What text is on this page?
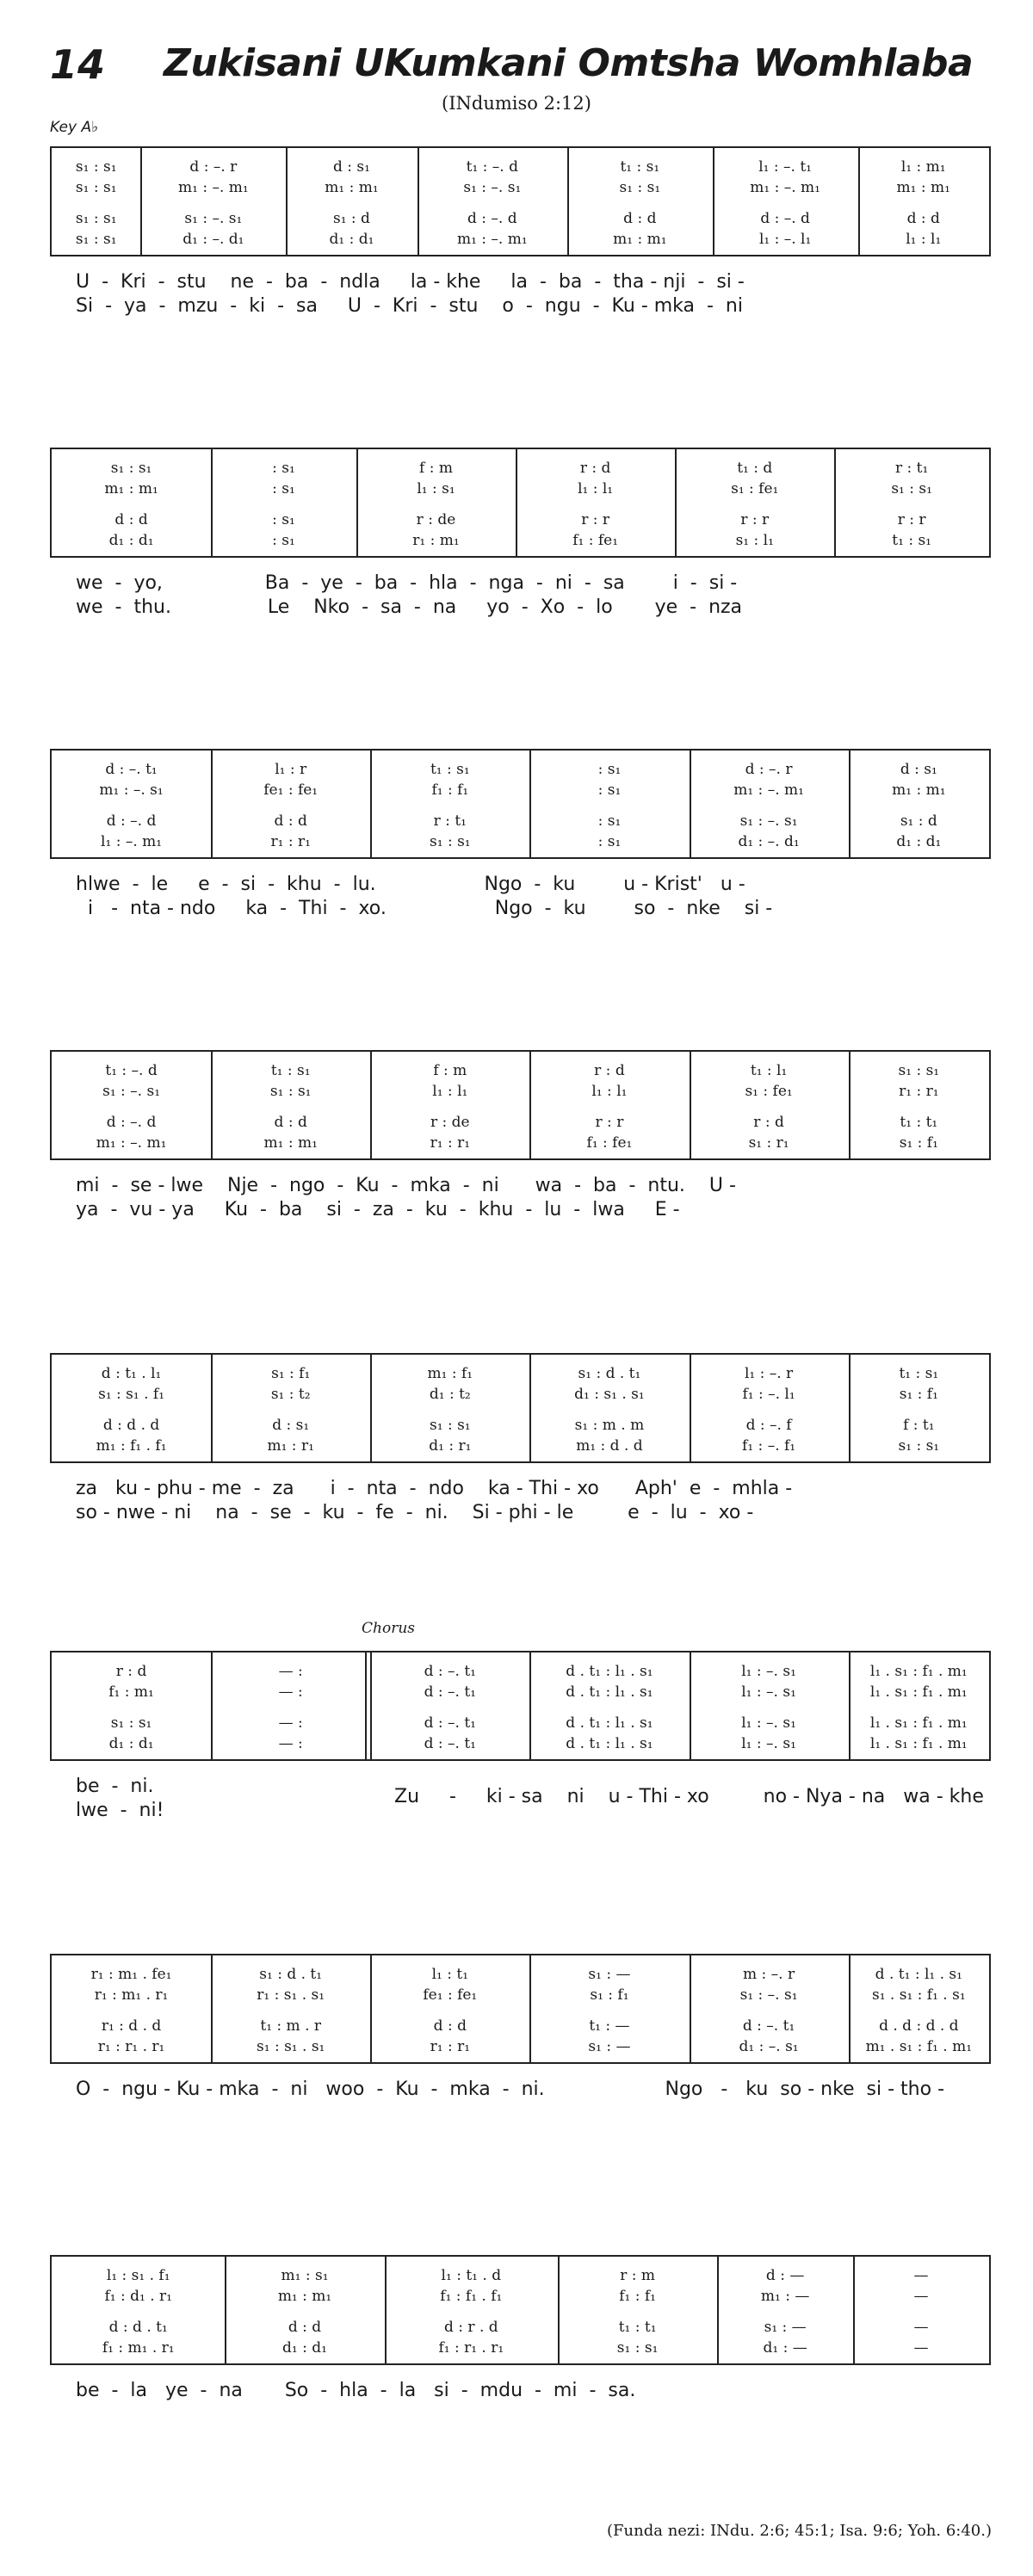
14 Zukisani UKumkani Omtsha Womhlaba
(INdumiso 2:12)
Key A♭
Chorus
s₁ : s₁
s₁ : s₁
s₁ : s₁
s₁ : s₁
d : –. r
m₁ : –. m₁
s₁ : –. s₁
d₁ : –. d₁
d : s₁
m₁ : m₁
s₁ : d
d₁ : d₁
t₁ : –. d
s₁ : –. s₁
d : –. d
m₁ : –. m₁
t₁ : s₁
s₁ : s₁
d : d
m₁ : m₁
l₁ : –. t₁
m₁ : –. m₁
d : –. d
l₁ : –. l₁
l₁ : m₁
m₁ : m₁
d : d
l₁ : l₁
U  -  Kri  -  stu    ne  -  ba  -  ndla     la - khe     la  -  ba  -  tha - nji  -  si -
Si  -  ya  -  mzu  -  ki  -  sa     U  -  Kri  -  stu    o  -  ngu  -  Ku - mka  -  ni
s₁ : s₁
m₁ : m₁
d : d
d₁ : d₁
: s₁
: s₁
: s₁
: s₁
f : m
l₁ : s₁
r : de
r₁ : m₁
r : d
l₁ : l₁
r : r
f₁ : fe₁
t₁ : d
s₁ : fe₁
r : r
s₁ : l₁
r : t₁
s₁ : s₁
r : r
t₁ : s₁
we  -  yo,                 Ba  -  ye  -  ba  -  hla  -  nga  -  ni  -  sa        i  -  si -
we  -  thu.                Le    Nko  -  sa  -  na     yo  -  Xo  -  lo       ye  -  nza
d : –. t₁
m₁ : –. s₁
d : –. d
l₁ : –. m₁
l₁ : r
fe₁ : fe₁
d : d
r₁ : r₁
t₁ : s₁
f₁ : f₁
r : t₁
s₁ : s₁
: s₁
: s₁
: s₁
: s₁
d : –. r
m₁ : –. m₁
s₁ : –. s₁
d₁ : –. d₁
d : s₁
m₁ : m₁
s₁ : d
d₁ : d₁
hlwe  -  le     e  -  si  -  khu  -  lu.                  Ngo  -  ku        u - Krist'   u -
i   -  nta - ndo     ka  -  Thi  -  xo.                  Ngo  -  ku        so  -  nke    si -
t₁ : –. d
s₁ : –. s₁
d : –. d
m₁ : –. m₁
t₁ : s₁
s₁ : s₁
d : d
m₁ : m₁
f : m
l₁ : l₁
r : de
r₁ : r₁
r : d
l₁ : l₁
r : r
f₁ : fe₁
t₁ : l₁
s₁ : fe₁
r : d
s₁ : r₁
s₁ : s₁
r₁ : r₁
t₁ : t₁
s₁ : f₁
mi  -  se - lwe    Nje  -  ngo  -  Ku  -  mka  -  ni      wa  -  ba  -  ntu.    U -
ya  -  vu - ya     Ku  -  ba    si  -  za  -  ku  -  khu  -  lu  -  lwa     E -
d : t₁ . l₁
s₁ : s₁ . f₁
d : d . d
m₁ : f₁ . f₁
s₁ : f₁
s₁ : t₂
d : s₁
m₁ : r₁
m₁ : f₁
d₁ : t₂
s₁ : s₁
d₁ : r₁
s₁ : d . t₁
d₁ : s₁ . s₁
s₁ : m . m
m₁ : d . d
l₁ : –. r
f₁ : –. l₁
d : –. f
f₁ : –. f₁
t₁ : s₁
s₁ : f₁
f : t₁
s₁ : s₁
za   ku - phu - me  -  za      i  -  nta  -  ndo    ka - Thi - xo      Aph'  e  -  mhla -
so - nwe - ni    na  -  se  -  ku  -  fe  -  ni.    Si - phi - le         e  -  lu  -  xo -
r : d
f₁ : m₁
s₁ : s₁
d₁ : d₁
— :
— :
— :
— :
d : –. t₁
d : –. t₁
d : –. t₁
d : –. t₁
d . t₁ : l₁ . s₁
d . t₁ : l₁ . s₁
d . t₁ : l₁ . s₁
d . t₁ : l₁ . s₁
l₁ : –. s₁
l₁ : –. s₁
l₁ : –. s₁
l₁ : –. s₁
l₁ . s₁ : f₁ . m₁
l₁ . s₁ : f₁ . m₁
l₁ . s₁ : f₁ . m₁
l₁ . s₁ : f₁ . m₁
be  -  ni.
lwe  -  ni!
Zu     -     ki - sa    ni    u - Thi - xo         no - Nya - na   wa - khe
r₁ : m₁ . fe₁
r₁ : m₁ . r₁
r₁ : d . d
r₁ : r₁ . r₁
s₁ : d . t₁
r₁ : s₁ . s₁
t₁ : m . r
s₁ : s₁ . s₁
l₁ : t₁
fe₁ : fe₁
d : d
r₁ : r₁
s₁ : —
s₁ : f₁
t₁ : —
s₁ : —
m : –. r
s₁ : –. s₁
d : –. t₁
d₁ : –. s₁
d . t₁ : l₁ . s₁
s₁ . s₁ : f₁ . s₁
d . d : d . d
m₁ . s₁ : f₁ . m₁
O  -  ngu - Ku - mka  -  ni   woo  -  Ku  -  mka  -  ni.                    Ngo   -   ku  so - nke  si - tho -
l₁ : s₁ . f₁
f₁ : d₁ . r₁
d : d . t₁
f₁ : m₁ . r₁
m₁ : s₁
m₁ : m₁
d : d
d₁ : d₁
l₁ : t₁ . d
f₁ : f₁ . f₁
d : r . d
f₁ : r₁ . r₁
r : m
f₁ : f₁
t₁ : t₁
s₁ : s₁
d : —
m₁ : —
s₁ : —
d₁ : —
—
—
—
—
be  -  la   ye  -  na       So  -  hla  -  la   si  -  mdu  -  mi  -  sa.
(Funda nezi: INdu. 2:6; 45:1; Isa. 9:6; Yoh. 6:40.)
